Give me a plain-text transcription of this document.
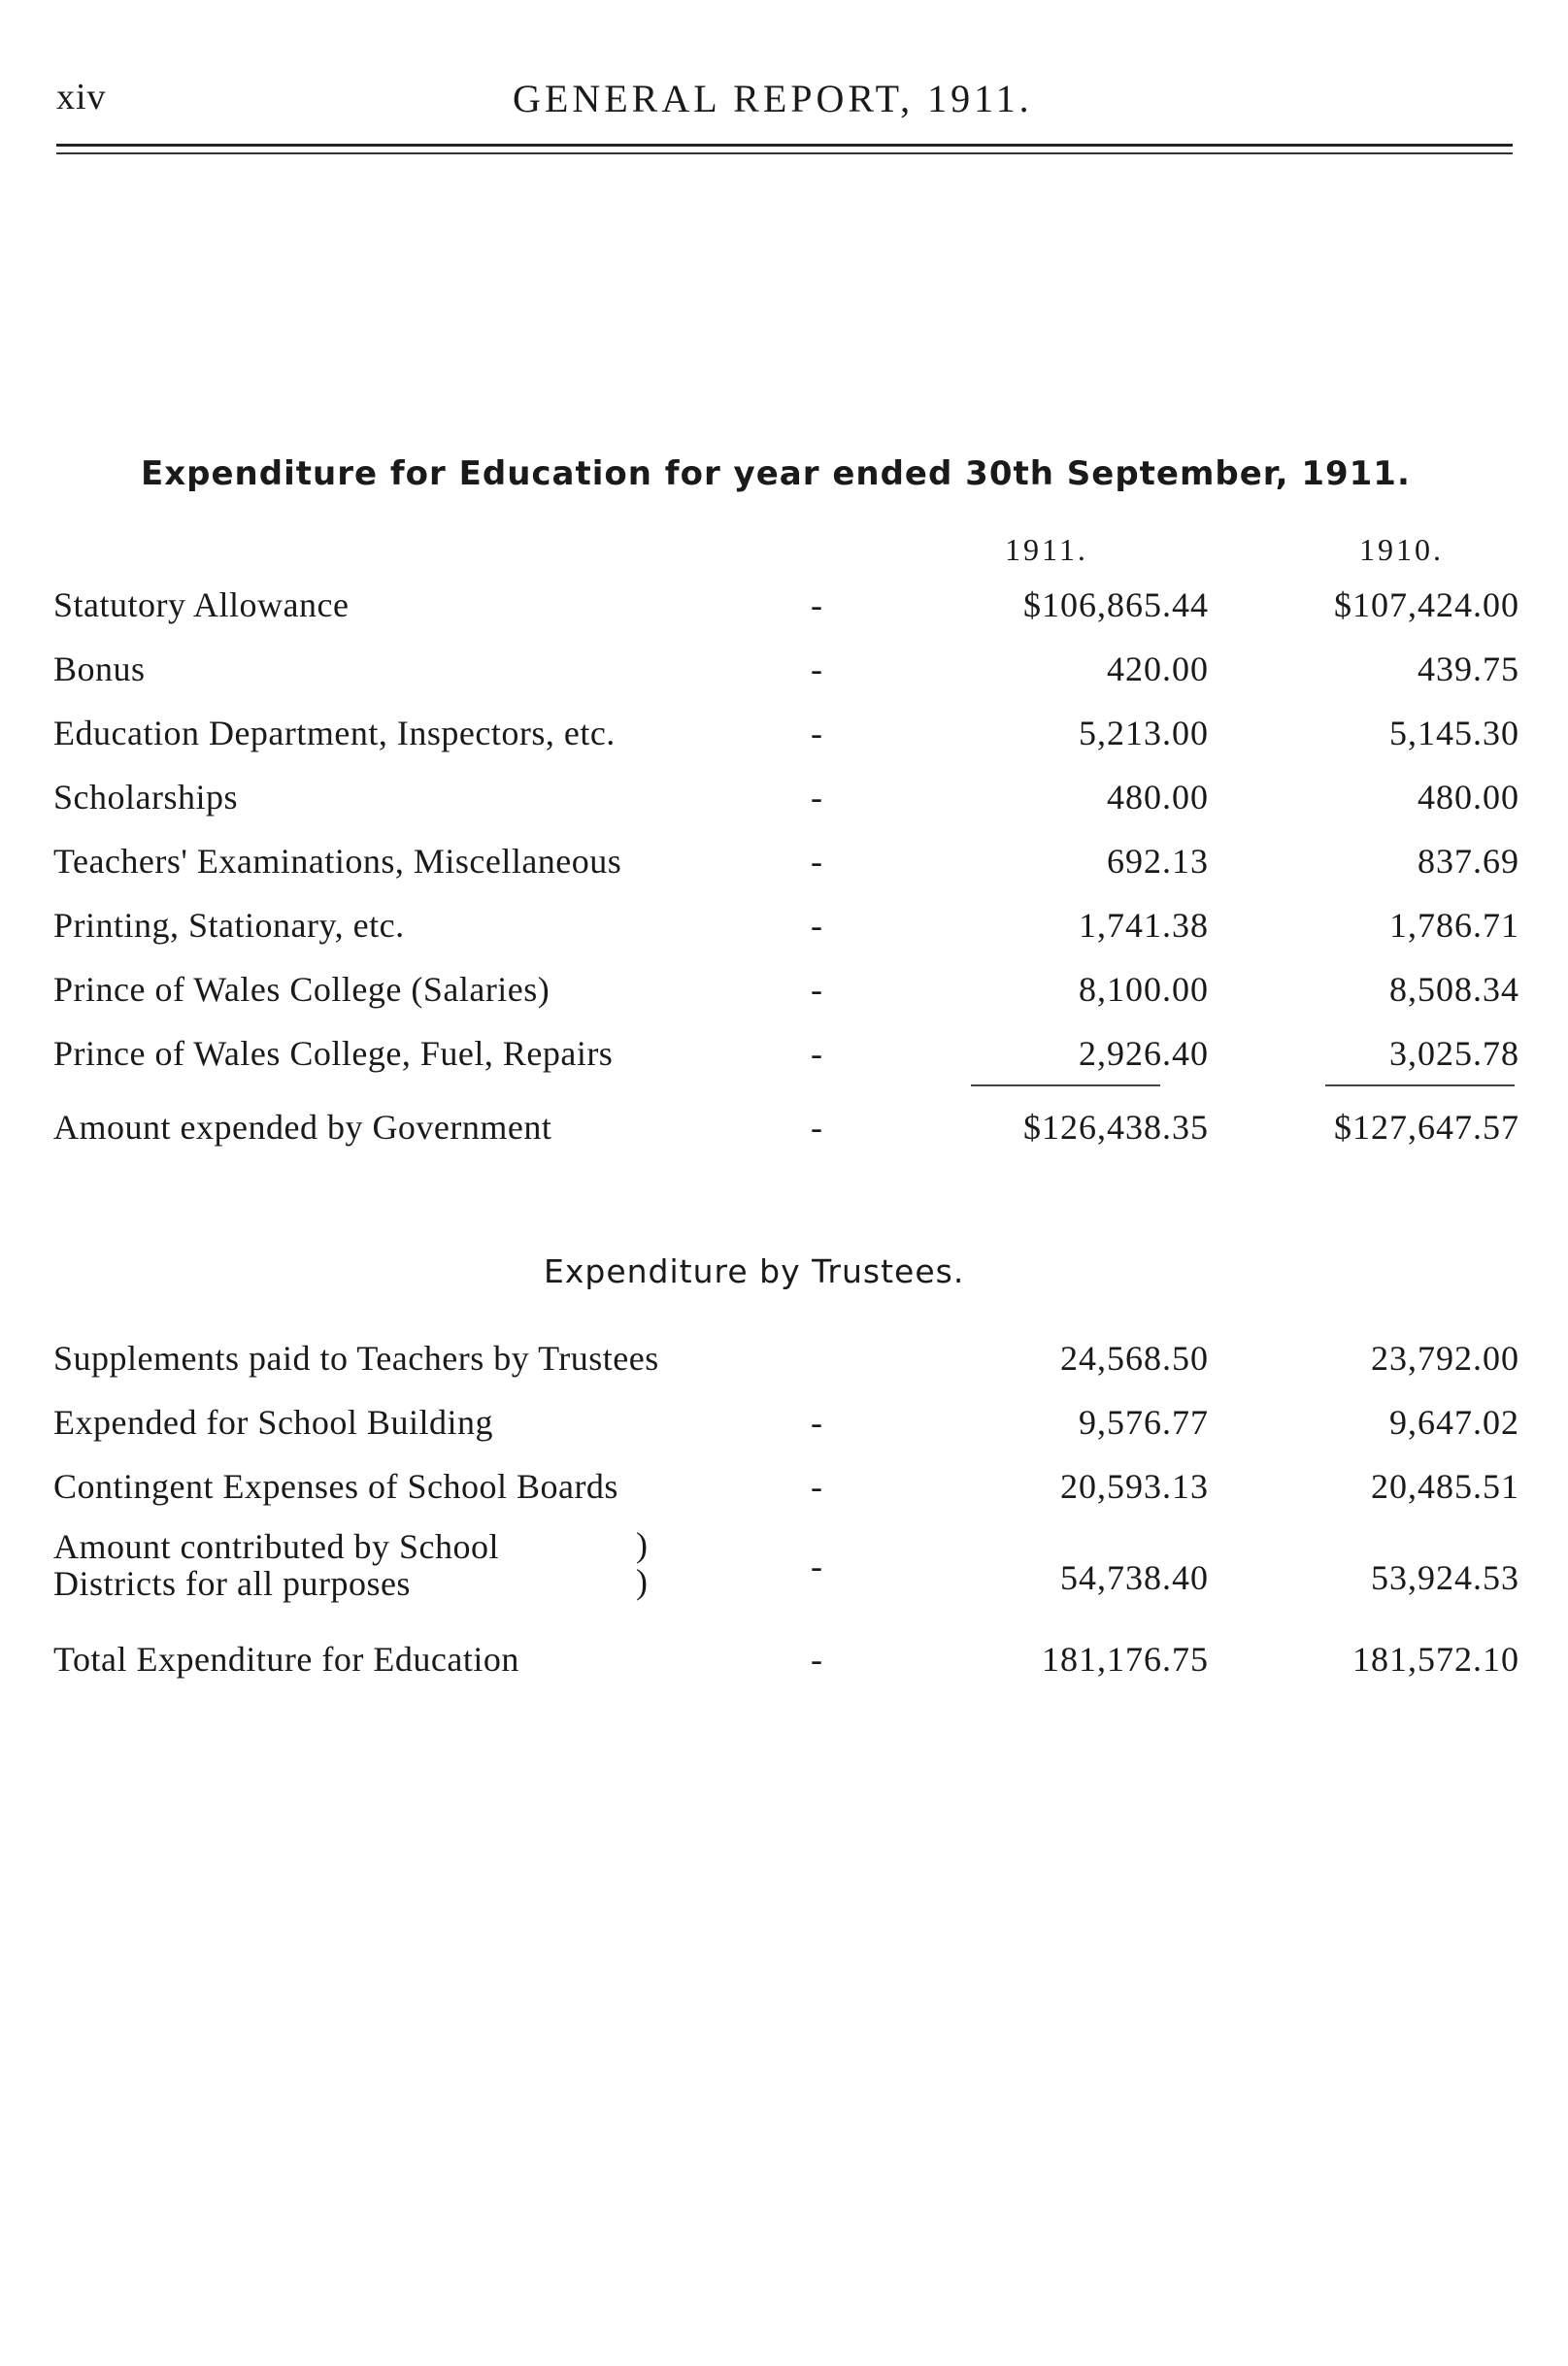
xiv	GENERAL REPORT, 1911.
Expenditure for Education for year ended 30th September, 1911.
1911.	1910.
Statutory Allowance	-	$106,865.44	$107,424.00
Bonus	-	420.00	439.75
Education Department, Inspectors, etc.	-	5,213.00	5,145.30
Scholarships	-	480.00	480.00
Teachers' Examinations, Miscellaneous	-	692.13	837.69
Printing, Stationary, etc.	-	1,741.38	1,786.71
Prince of Wales College (Salaries)	-	8,100.00	8,508.34
Prince of Wales College, Fuel, Repairs	-	2,926.40	3,025.78
Amount expended by Government	-	$126,438.35	$127,647.57
Expenditure by Trustees.
Supplements paid to Teachers by Trustees	24,568.50	23,792.00
Expended for School Building	-	9,576.77	9,647.02
Contingent Expenses of School Boards	-	20,593.13	20,485.51
Amount contributed by School
Districts for all purposes
)
)	-	54,738.40	53,924.53
Total Expenditure for Education	-	181,176.75	181,572.10
